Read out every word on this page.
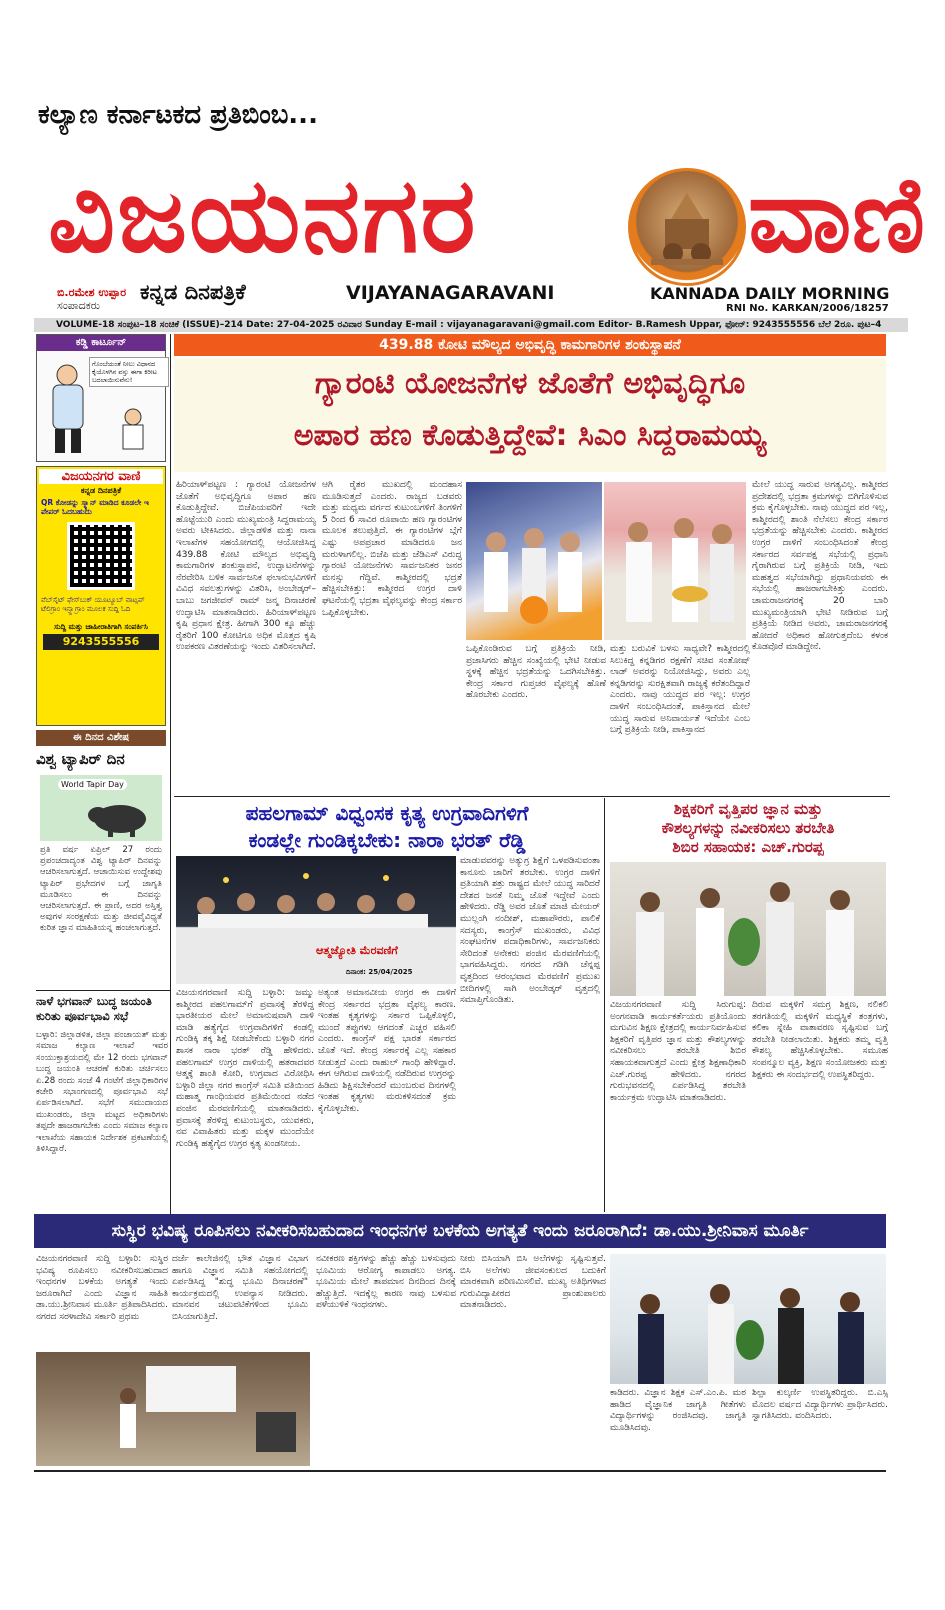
ಕಲ್ಯಾಣ ಕರ್ನಾಟಕದ ಪ್ರತಿಬಿಂಬ...
ವಿಜಯನಗರ	ವಾಣಿ
ಬಿ.ರಮೇಶ ಉಪ್ಪಾರ
ಸಂಪಾದಕರು
ಕನ್ನಡ ದಿನಪತ್ರಿಕೆ	VIJAYANAGARAVANI	KANNADA DAILY MORNING
RNI No. KARKAN/2006/18257
VOLUME-18 ಸಂಪುಟ–18 ಸಂಚಿಕೆ (ISSUE)–214 Date: 27-04-2025 ರವಿವಾರ Sunday E-mail : vijayanagaravani@gmail.com Editor- B.Ramesh Uppar, ಫೋನ್: 9243555556 ಬೆಲೆ 2ರೂ. ಪುಟ–4
ಕಡ್ಡಿ ಕಾರ್ಟೂನ್
ಗೊಂಬೆಯಂತೆ ನೀಲು ವಿಧಾನದ ಕೈಯೊಳಗಿನ ವಸ್ತು ಈಗಾ ಕಿರೀಟ ಬದಲಾಯಿಸುವೆನು!
ವಿಜಯನಗರ ವಾಣಿ
ಕನ್ನಡ ದಿನಪತ್ರಿಕೆ
QR ಕೋಡನ್ನು ಸ್ಕ್ಯಾನ್ ಮಾಡಿದ ಕೂಡಲೇ ಇ ಪೇಪರ್ ಓದಬಹುದು
ವೆಬ್‌ಸೈಟ್ ಫೇಸ್‌ಬುಕ್ ಯೂಟ್ಯೂಬ್ ವಾಟ್ಸಪ್ ಟೆಲಿಗ್ರಾಂ ಇನ್ಸ್ಟಾಗ್ರಾಂ ಮೂಲಕ ಸುದ್ದಿ ಓದಿ
ಸುದ್ದಿ ಮತ್ತು ಜಾಹೀರಾತಿಗಾಗಿ ಸಂಪರ್ಕಿಸಿ
9243555556
ಈ ದಿನದ ವಿಶೇಷ
ವಿಶ್ವ ಟ್ಯಾಪಿರ್ ದಿನ
World Tapir Day
ಪ್ರತಿ ವರ್ಷ ಏಪ್ರಿಲ್ 27 ರಂದು ಪ್ರಪಂಚದಾದ್ಯಂತ ವಿಶ್ವ ಟ್ಯಾಪಿರ್ ದಿನವನ್ನು ಆಚರಿಸಲಾಗುತ್ತದೆ. ಆಚಾಯಿಸುವ ಉದ್ದೇಶವು ಟ್ಯಾಪಿರ್ ಪ್ರಭೇದಗಳ ಬಗ್ಗೆ ಜಾಗೃತಿ ಮೂಡಿಸಲು ಈ ದಿನವನ್ನು ಆಚರಿಸಲಾಗುತ್ತದೆ. ಈ ಪ್ರಾಣಿ, ಅದರ ಅಸ್ತಿತ್ವ ಅವುಗಳ ಸಂರಕ್ಷಣೆಯ ಮತ್ತು ಜೀವವೈವಿಧ್ಯತೆ ಕುರಿತ ಜ್ಞಾನ ಮಾಹಿತಿಯನ್ನ ಹಂಚಲಾಗುತ್ತದೆ.
ನಾಳೆ ಭಗವಾನ್ ಬುದ್ಧ ಜಯಂತಿ ಕುರಿತು ಪೂರ್ವಭಾವಿ ಸಭೆ
ಬಳ್ಳಾರಿ: ಜಿಲ್ಲಾಡಳಿತ, ಜಿಲ್ಲಾ ಪಂಚಾಯತ್ ಮತ್ತು ಸಮಾಜ ಕಲ್ಯಾಣ ಇಲಾಖೆ ಇವರ ಸಂಯುಕ್ತಾಶ್ರಯದಲ್ಲಿ ಮೇ 12 ರಂದು ಭಗವಾನ್ ಬುದ್ಧ ಜಯಂತಿ ಆಚರಣೆ ಕುರಿತು ಚರ್ಚಿಸಲು ಏ.28 ರಂದು ಸಂಜೆ 4 ಗಂಟೆಗೆ ಜಿಲ್ಲಾಧಿಕಾರಿಗಳ ಕಚೇರಿ ಸಭಾಂಗಣದಲ್ಲಿ ಪೂರ್ವಭಾವಿ ಸಭೆ ಏರ್ಪಡಿಸಲಾಗಿದೆ. ಸಭೆಗೆ ಸಮುದಾಯದ ಮುಖಂಡರು, ಜಿಲ್ಲಾ ಮಟ್ಟದ ಅಧಿಕಾರಿಗಳು ತಪ್ಪದೇ ಹಾಜರಾಗಬೇಕು ಎಂದು ಸಮಾಜ ಕಲ್ಯಾಣ ಇಲಾಖೆಯ ಸಹಾಯಕ ನಿರ್ದೇಶಕ ಪ್ರಕಟಣೆಯಲ್ಲಿ ತಿಳಿಸಿದ್ದಾರೆ.
439.88 ಕೋಟಿ ಮೌಲ್ಯದ ಅಭಿವೃದ್ಧಿ ಕಾಮಗಾರಿಗಳ ಶಂಕುಸ್ಥಾಪನೆ
ಗ್ಯಾರಂಟಿ ಯೋಜನೆಗಳ ಜೊತೆಗೆ ಅಭಿವೃದ್ಧಿಗೂ
ಅಪಾರ ಹಣ ಕೊಡುತ್ತಿದ್ದೇವೆ: ಸಿಎಂ ಸಿದ್ದರಾಮಯ್ಯ
ಹಿರಿಯಾಳ್‌ಪಟ್ಟಣ : ಗ್ಯಾರಂಟಿ ಯೋಜನೆಗಳ ಜೊತೆಗೆ ಅಭಿವೃದ್ಧಿಗೂ ಅಪಾರ ಹಣ ಕೊಡುತ್ತಿದ್ದೇವೆ. ಬಿಜೆಪಿಯವರಿಗೆ ಇದೇ ಹೊಟ್ಟೆಯುರಿ ಎಂದು ಮುಖ್ಯಮಂತ್ರಿ ಸಿದ್ದರಾಮಯ್ಯ ಅವರು ಟೀಕಿಸಿದರು. ಜಿಲ್ಲಾಡಳಿತ ಮತ್ತು ನಾನಾ ಇಲಾಖೆಗಳ ಸಹಯೋಗದಲ್ಲಿ ಆಯೋಜಿಸಿದ್ದ 439.88 ಕೋಟಿ ಮೌಲ್ಯದ ಅಭಿವೃದ್ಧಿ ಕಾಮಗಾರಿಗಳ ಶಂಕುಸ್ಥಾಪನೆ, ಉದ್ಘಾಟನೆಗಳನ್ನು ನೆರವೇರಿಸಿ ಬಳಿಕ ಸಾರ್ವಜನಿಕ ಫಲಾನುಭವಿಗಳಿಗೆ ವಿವಿಧ ಸವಲತ್ತುಗಳನ್ನು ವಿತರಿಸಿ, ಅಂಬೇಡ್ಕರ್–ಬಾಬು ಜಗಜೀವನ್ ರಾಮ್ ಜನ್ಮ ದಿನಾಚರಣೆ ಉದ್ಘಾಟಿಸಿ ಮಾತನಾಡಿದರು. ಹಿರಿಯಾಳ್‌ಪಟ್ಟಣ ಕೃಷಿ ಪ್ರಧಾನ ಕ್ಷೇತ್ರ. ಹೀಗಾಗಿ 300 ಕ್ಕೂ ಹೆಚ್ಚು ರೈತರಿಗೆ 100 ಕೋಟಿಗೂ ಅಧಿಕ ಮೊತ್ತದ ಕೃಷಿ ಉಪಕರಣ ವಿತರಣೆಯನ್ನು ಇಂದು ವಿತರಿಸಲಾಗಿದೆ.
ಆಗಿ ರೈತರ ಮುಖದಲ್ಲಿ ಮಂದಹಾಸ ಮೂಡಿಸುತ್ತದೆ ಎಂದರು. ರಾಜ್ಯದ ಬಡವರು ಮತ್ತು ಮಧ್ಯಮ ವರ್ಗದ ಕುಟುಂಬಗಳಿಗೆ ತಿಂಗಳಿಗೆ 5 ರಿಂದ 6 ಸಾವಿರ ರೂಪಾಯಿ ಹಣ ಗ್ಯಾರಂಟಿಗಳ ಮೂಲಕ ತಲುಪುತ್ತಿದೆ. ಈ ಗ್ಯಾರಂಟಿಗಳ ಬ್ಗೆಗೆ ಎಷ್ಟು ಅಪಪ್ರಚಾರ ಮಾಡಿದರೂ ಜನ ಮರುಳಾಗಲಿಲ್ಲ. ಬಿಜೆಪಿ ಮತ್ತು ಜೆಡಿಎಸ್ ವಿರುದ್ಧ ಗ್ಯಾರಂಟಿ ಯೋಜನೆಗಳು ಸಾರ್ವಜನಿಕರ ಜನರ ಮನಸ್ಸು ಗೆದ್ದಿವೆ. ಕಾಶ್ಮೀರದಲ್ಲಿ ಭದ್ರತೆ ಹೆಚ್ಚಿಸಬೇಕಿತ್ತು: ಕಾಶ್ಮೀರದ ಉಗ್ರರ ದಾಳಿ ಘಟನೆಯಲ್ಲಿ ಭದ್ರತಾ ವೈಫಲ್ಯವನ್ನು ಕೇಂದ್ರ ಸರ್ಕಾರ ಒಪ್ಪಿಕೊಳ್ಳಬೇಕು.
ಒಪ್ಪಿಕೊಂಡಿರುವ ಬಗ್ಗೆ ಪ್ರತಿಕ್ರಿಯೆ ನೀಡಿ, ಪ್ರಜಾಸಿಗರು ಹೆಚ್ಚಿನ ಸಂಖ್ಯೆಯಲ್ಲಿ ಭೇಟಿ ನೀಡುವ ಸ್ಥಳಕ್ಕೆ ಹೆಚ್ಚಿನ ಭದ್ರತೆಯನ್ನು ಒದಗಿಸಬೇಕಿತ್ತು. ಕೇಂದ್ರ ಸರ್ಕಾರ ಗುಪ್ತಚರ ವೈಫಲ್ಯಕ್ಕೆ ಹೊಣೆ ಹೊರಬೇಕು ಎಂದರು.
ಮತ್ತು ಬರುವಿಕೆ ಬಳಸು ಸಾಧ್ಯವೇ? ಕಾಶ್ಮೀರದಲ್ಲಿ ಸಿಲುಕಿದ್ದ ಕನ್ನಡಿಗರ ರಕ್ಷಣೆಗೆ ಸಚಿವ ಸಂತೋಷ್ ಲಾಡ್ ಅವರನ್ನು ನಿಯೋಜಿಸಿದ್ದು, ಅವರು ಎಲ್ಲ ಕನ್ನಡಿಗರನ್ನು ಸುರಕ್ಷಿತವಾಗಿ ರಾಜ್ಯಕ್ಕೆ ಕರೆತಂದಿದ್ದಾರೆ ಎಂದರು. ನಾವು ಯುದ್ಧದ ಪರ ಇಲ್ಲ: ಉಗ್ರರ ದಾಳಿಗೆ ಸಂಬಂಧಿಸಿದಂತೆ, ಪಾಕಿಸ್ತಾನದ ಮೇಲೆ ಯುದ್ಧ ಸಾರುವ ಅನಿವಾರ್ಯತೆ ಇದೆಯೇ ಎಂಬ ಬಗ್ಗೆ ಪ್ರತಿಕ್ರಿಯೆ ನೀಡಿ, ಪಾಕಿಸ್ತಾನದ
ಮೇಲೆ ಯುದ್ಧ ಸಾರುವ ಅಗತ್ಯವಿಲ್ಲ. ಕಾಶ್ಮೀರದ ಪ್ರದೇಶದಲ್ಲಿ ಭದ್ರತಾ ಕ್ರಮಗಳನ್ನು ಬಿಗಿಗೊಳಿಸುವ ಕ್ರಮ ಕೈಗೊಳ್ಳಬೇಕು. ನಾವು ಯುದ್ಧದ ಪರ ಇಲ್ಲ, ಕಾಶ್ಮೀರದಲ್ಲಿ ಶಾಂತಿ ನೆಲೆಸಲು ಕೇಂದ್ರ ಸರ್ಕಾರ ಭದ್ರತೆಯನ್ನು ಹೆಚ್ಚಿಸಬೇಕು ಎಂದರು. ಕಾಶ್ಮೀರದ ಉಗ್ರರ ದಾಳಿಗೆ ಸಂಬಂಧಿಸಿದಂತೆ ಕೇಂದ್ರ ಸರ್ಕಾರದ ಸರ್ವಪಕ್ಷ ಸಭೆಯಲ್ಲಿ ಪ್ರಧಾನಿ ಗೈರಾಗಿರುವ ಬಗ್ಗೆ ಪ್ರತಿಕ್ರಿಯೆ ನೀಡಿ, ಇದು ಮಹತ್ವದ ಸಭೆಯಾಗಿದ್ದು ಪ್ರಧಾನಿಯವರು ಈ ಸಭೆಯಲ್ಲಿ ಹಾಜರಾಗಬೇಕಿತ್ತು ಎಂದರು. ಚಾಮರಾಜನಗರಕ್ಕೆ 20 ಬಾರಿ ಮುಖ್ಯಮಂತ್ರಿಯಾಗಿ ಭೇಟಿ ನೀಡಿರುವ ಬಗ್ಗೆ ಪ್ರತಿಕ್ರಿಯೆ ನೀಡಿದ ಅವರು, ಚಾಮರಾಜನಗರಕ್ಕೆ ಹೋದರೆ ಅಧಿಕಾರ ಹೋಗುತ್ತದೆಂಬ ಕಳಂಕ ಕೊಡವೊರೆ ಮಾಡಿದ್ದೇನೆ.
ಪಹಲಗಾಮ್ ವಿಧ್ವಂಸಕ ಕೃತ್ಯ ಉಗ್ರವಾದಿಗಳಿಗೆ
ಕಂಡಲ್ಲೇ ಗುಂಡಿಕ್ಕಬೇಕು: ನಾರಾ ಭರತ್ ರೆಡ್ಡಿ
ಆತ್ಮಜ್ಯೋತಿ ಮೆರವಣಿಗೆ
ದಿನಾಂಕ: 25/04/2025
ಮಾಡುವವರನ್ನು ಅತ್ಯುಗ್ರ ಶಿಕ್ಷೆಗೆ ಒಳಪಡಿಸುವಂತಾ ಕಾನೂನು ಜಾರಿಗೆ ತರಬೇಕು. ಉಗ್ರರ ದಾಳಿಗೆ ಪ್ರತಿಯಾಗಿ ಶತ್ರು ರಾಷ್ಟ್ರದ ಮೇಲೆ ಯುದ್ಧ ಸಾರಿದರೆ ದೇಶದ ಜನತೆ ನಿಮ್ಮ ಜೊತೆ ಇದ್ದೇವೆ ಎಂದು ಹೇಳಿದರು. ರೆಡ್ಡಿ ಅವರ ಜೊತೆ ಮಾಜಿ ಮೇಯರ್ ಮುಲ್ಲಂಗಿ ನಂದೀಶ್, ಮಹಾಪೌರರು, ಪಾಲಿಕೆ ಸದಸ್ಯರು, ಕಾಂಗ್ರೆಸ್ ಮುಖಂಡರು, ವಿವಿಧ ಸಂಘಟನೆಗಳ ಪದಾಧಿಕಾರಿಗಳು, ಸಾರ್ವಜನಿಕರು ಸೇರಿದಂತೆ ಅನೇಕರು ಪಂಜಿನ ಮೆರವಣಿಗೆಯಲ್ಲಿ ಭಾಗವಹಿಸಿದ್ದರು. ನಗರದ ಗಡಿಗಿ ಚೆನ್ನಪ್ಪ ವೃತ್ತದಿಂದ ಆರಂಭವಾದ ಮೆರವಣಿಗೆ ಪ್ರಮುಖ ಬೀದಿಗಳಲ್ಲಿ ಸಾಗಿ ಅಂಬೇಡ್ಕರ್ ವೃತ್ತದಲ್ಲಿ ಸಮಾಪ್ತಿಗೊಂಡಿತು.
ವಿಜಯನಗರವಾಣಿ ಸುದ್ದಿ ಬಳ್ಳಾರಿ: ಜಮ್ಮು ಕಾಶ್ಮೀರದ ಪಹಲಗಾಮ್‌ಗೆ ಪ್ರವಾಸಕ್ಕೆ ತೆರಳಿದ್ದ ಭಾರತೀಯರ ಮೇಲೆ ಅಮಾನುಷವಾಗಿ ದಾಳಿ ಮಾಡಿ ಹತ್ಯೆಗೈದ ಉಗ್ರವಾದಿಗಳಿಗೆ ಕಂಡಲ್ಲಿ ಗುಂಡಿಕ್ಕಿ ತಕ್ಕ ಶಿಕ್ಷೆ ನೀಡಬೇಕೆಂದು ಬಳ್ಳಾರಿ ನಗರ ಶಾಸಕ ನಾರಾ ಭರತ್ ರೆಡ್ಡಿ ಹೇಳಿದರು. ಪಹಲಗಾಮ್ ಉಗ್ರರ ದಾಳಿಯಲ್ಲಿ ಹತರಾದವರ ಆತ್ಮಕ್ಕೆ ಶಾಂತಿ ಕೋರಿ, ಉಗ್ರವಾದ ವಿರೋಧಿಸಿ ಬಳ್ಳಾರಿ ಜಿಲ್ಲಾ ನಗರ ಕಾಂಗ್ರೆಸ್ ಸಮಿತಿ ವತಿಯಿಂದ ಮಹಾತ್ಮ ಗಾಂಧಿಯವರ ಪ್ರತಿಮೆಯಿಂದ ನಡೆದ ಪಂಜಿನ ಮೆರವಣಿಗೆಯಲ್ಲಿ ಮಾತನಾಡಿದರು. ಪ್ರವಾಸಕ್ಕೆ ತೆರಳಿದ್ದ ಕುಟುಂಬಸ್ಥರು, ಯುವಕರು, ನವ ವಿವಾಹಿತರು ಮತ್ತು ಮಕ್ಕಳ ಮುಂದೆಯೇ ಗುಂಡಿಕ್ಕಿ ಹತ್ಯೆಗೈದ ಉಗ್ರರ ಕೃತ್ಯ ಖಂಡನೀಯ.
ಅತ್ಯಂತ ಅಮಾನವೀಯ ಉಗ್ರರ ಈ ದಾಳಿಗೆ ಕೇಂದ್ರ ಸರ್ಕಾರದ ಭದ್ರತಾ ವೈಫಲ್ಯ ಕಾರಣ. ಇಂತಹ ಕೃತ್ಯಗಳನ್ನು ಸರ್ಕಾರ ಒಪ್ಪಿಕೊಳ್ಳಲಿ, ಮುಂದೆ ತಪ್ಪುಗಳು ಆಗದಂತೆ ಎಚ್ಚರ ವಹಿಸಲಿ ಎಂದರು. ಕಾಂಗ್ರೆಸ್ ಪಕ್ಷ ಭಾರತ ಸರ್ಕಾರದ ಜೊತೆ ಇದೆ. ಕೇಂದ್ರ ಸರ್ಕಾರಕ್ಕೆ ಎಲ್ಲ ಸಹಕಾರ ನೀಡುತ್ತದೆ ಎಂದು ರಾಹುಲ್ ಗಾಂಧಿ ಹೇಳಿದ್ದಾರೆ. ಈಗ ಆಗಿರುವ ದಾಳಿಯಲ್ಲಿ ನಡೆದಿರುವ ಉಗ್ರರನ್ನು ಹಿಡಿದು ಶಿಕ್ಷಿಸಬೇಕೆಂದರೆ ಮುಂಬರುವ ದಿನಗಳಲ್ಲಿ ಇಂತಹ ಕೃತ್ಯಗಳು ಮರುಕಳಿಸದಂತೆ ಕ್ರಮ ಕೈಗೊಳ್ಳಬೇಕು.
ಶಿಕ್ಷಕರಿಗೆ ವೃತ್ತಿಪರ ಜ್ಞಾನ ಮತ್ತು
ಕೌಶಲ್ಯಗಳನ್ನು ನವೀಕರಿಸಲು ತರಬೇತಿ
ಶಿಬಿರ ಸಹಾಯಕ: ಎಚ್.ಗುರಪ್ಪ
ವಿಜಯನಗರವಾಣಿ ಸುದ್ದಿ ಸಿರುಗುಪ್ಪ: ಅಂಗನವಾಡಿ ಕಾರ್ಯಕರ್ತೆಯರು ಪ್ರತಿಯೊಂದು ಮಗುವಿನ ಶಿಕ್ಷಣ ಕ್ಷೇತ್ರದಲ್ಲಿ ಕಾರ್ಯನಿರ್ವಹಿಸುವ ಶಿಕ್ಷಕರಿಗೆ ವೃತ್ತಿಪರ ಜ್ಞಾನ ಮತ್ತು ಕೌಶಲ್ಯಗಳನ್ನು ನವೀಕರಿಸಲು ತರಬೇತಿ ಶಿಬಿರ ಸಹಾಯಕವಾಗುತ್ತದೆ ಎಂದು ಕ್ಷೇತ್ರ ಶಿಕ್ಷಣಾಧಿಕಾರಿ ಎಚ್.ಗುರಪ್ಪ ಹೇಳಿದರು. ನಗರದ ಗುರುಭವನದಲ್ಲಿ ಏರ್ಪಡಿಸಿದ್ದ ತರಬೇತಿ ಕಾರ್ಯಕ್ರಮ ಉದ್ಘಾಟಿಸಿ ಮಾತನಾಡಿದರು.
ದಿರುವ ಮಕ್ಕಳಿಗೆ ಸಮಗ್ರ ಶಿಕ್ಷಣ, ನಲಿಕಲಿ ತರಗತಿಯಲ್ಲಿ ಮಕ್ಕಳಿಗೆ ಮಧ್ಯಸ್ಥಿಕೆ ತಂತ್ರಗಳು, ಕಲಿಕಾ ಸ್ನೇಹಿ ವಾತಾವರಣ ಸೃಷ್ಟಿಸುವ ಬಗ್ಗೆ ತರಬೇತಿ ನೀಡಲಾಯಿತು. ಶಿಕ್ಷಕರು ತಮ್ಮ ವೃತ್ತಿ ಕೌಶಲ್ಯ ಹೆಚ್ಚಿಸಿಕೊಳ್ಳಬೇಕು. ಸಮೂಹ ಸಂಪನ್ಮೂಲ ವ್ಯಕ್ತಿ, ಶಿಕ್ಷಣ ಸಂಯೋಜಕರು ಮತ್ತು ಶಿಕ್ಷಕರು ಈ ಸಂದರ್ಭದಲ್ಲಿ ಉಪಸ್ಥಿತರಿದ್ದರು.
ಸುಸ್ಥಿರ ಭವಿಷ್ಯ ರೂಪಿಸಲು ನವೀಕರಿಸಬಹುದಾದ ಇಂಧನಗಳ ಬಳಕೆಯ ಅಗತ್ಯತೆ ಇಂದು ಜರೂರಾಗಿದೆ: ಡಾ.ಯು.ಶ್ರೀನಿವಾಸ ಮೂರ್ತಿ
ವಿಜಯನಗರವಾಣಿ ಸುದ್ದಿ ಬಳ್ಳಾರಿ: ಸುಸ್ಥಿರ ಭವಿಷ್ಯ ರೂಪಿಸಲು ನವೀಕರಿಸಬಹುದಾದ ಇಂಧನಗಳ ಬಳಕೆಯ ಅಗತ್ಯತೆ ಇಂದು ಜರೂರಾಗಿದೆ ಎಂದು ವಿಜ್ಞಾನ ಸಾಹಿತಿ ಡಾ.ಯು.ಶ್ರೀನಿವಾಸ ಮೂರ್ತಿ ಪ್ರತಿಪಾದಿಸಿದರು. ನಗರದ ಸರಳಾದೇವಿ ಸರ್ಕಾರಿ ಪ್ರಥಮ
ದರ್ಜೆ ಕಾಲೇಜಿನಲ್ಲಿ ಭೌತ ವಿಜ್ಞಾನ ವಿಭಾಗ ಹಾಗೂ ವಿಜ್ಞಾನ ಸಮಿತಿ ಸಹಯೋಗದಲ್ಲಿ ಏರ್ಪಡಿಸಿದ್ದ "ಶುದ್ಧ ಭೂಮಿ ದಿನಾಚರಣೆ" ಕಾರ್ಯಕ್ರಮದಲ್ಲಿ ಉಪನ್ಯಾಸ ನೀಡಿದರು. ಮಾನವನ ಚಟುವಟಿಕೆಗಳಿಂದ ಭೂಮಿ ಬಿಸಿಯಾಗುತ್ತಿದೆ.
ನವೀಕರಣ ಶಕ್ತಿಗಳನ್ನು ಹೆಚ್ಚು ಹೆಚ್ಚು ಬಳಸುವುದು ಭೂಮಿಯ ಆರೋಗ್ಯ ಕಾಪಾಡಲು ಅಗತ್ಯ. ಭೂಮಿಯ ಮೇಲೆ ತಾಪಮಾನ ದಿನದಿಂದ ದಿನಕ್ಕೆ ಹೆಚ್ಚುತ್ತಿದೆ. ಇದಕ್ಕೆಲ್ಲ ಕಾರಣ ನಾವು ಬಳಸುವ ಪಳೆಯುಳಿಕೆ ಇಂಧನಗಳು.
ನೀರು ಬಿಸಿಯಾಗಿ ಬಿಸಿ ಅಲೆಗಳನ್ನು ಸೃಷ್ಟಿಸುತ್ತವೆ. ಬಿಸಿ ಅಲೆಗಳು ಜೀವಸಂಕುಲದ ಬದುಕಿಗೆ ಮಾರಕವಾಗಿ ಪರಿಣಮಿಸಲಿವೆ. ಮುಖ್ಯ ಅತಿಥಿಗಳಾದ ಗುರುವಿದ್ಯಾಪೀಠದ ಪ್ರಾಂಶುಪಾಲರು ಮಾತನಾಡಿದರು.
ಕಾಡಿದರು. ವಿಜ್ಞಾನ ಶಿಕ್ಷಕ ಎಸ್.ಎಂ.ಪಿ. ಮಠ ಹಾಡಿದ ವೈಜ್ಞಾನಿಕ ಜಾಗೃತಿ ಗೀತೆಗಳು ವಿದ್ಯಾರ್ಥಿಗಳನ್ನು ರಂಜಿಸಿದವು. ಜಾಗೃತಿ ಮೂಡಿಸಿದವು.
ಶಿಲ್ಪಾ ಕುಲ್ಕರ್ಣಿ ಉಪಸ್ಥಿತರಿದ್ದರು. ಬಿ.ಎಸ್ಸಿ ಮೊದಲ ವರ್ಷದ ವಿದ್ಯಾರ್ಥಿಗಳು ಪ್ರಾರ್ಥಿಸಿದರು. ಸ್ವಾಗತಿಸಿದರು. ವಂದಿಸಿದರು.
